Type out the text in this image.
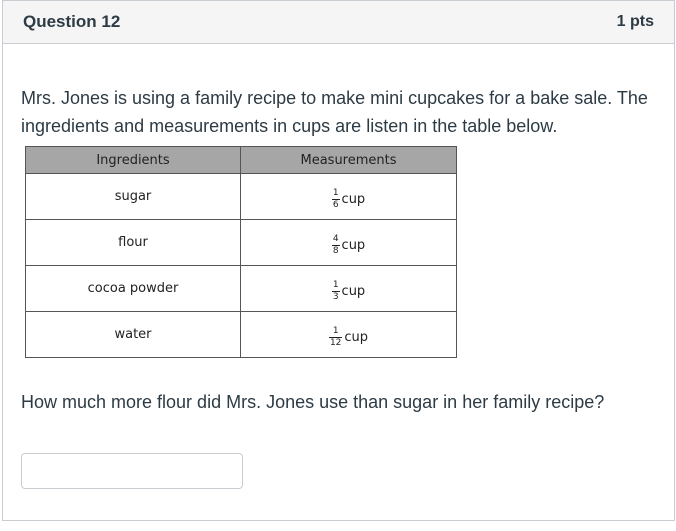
Question 12	1 pts
Mrs. Jones is using a family recipe to make mini cupcakes for a bake sale. The ingredients and measurements in cups are listen in the table below.
Ingredients	Measurements
sugar	$\frac{1}{6}$ cup

flour	$\frac{4}{8}$ cup

cocoa powder	$\frac{1}{3}$ cup

water	$\frac{1}{12}$ cup
How much more flour did Mrs. Jones use than sugar in her family recipe?
